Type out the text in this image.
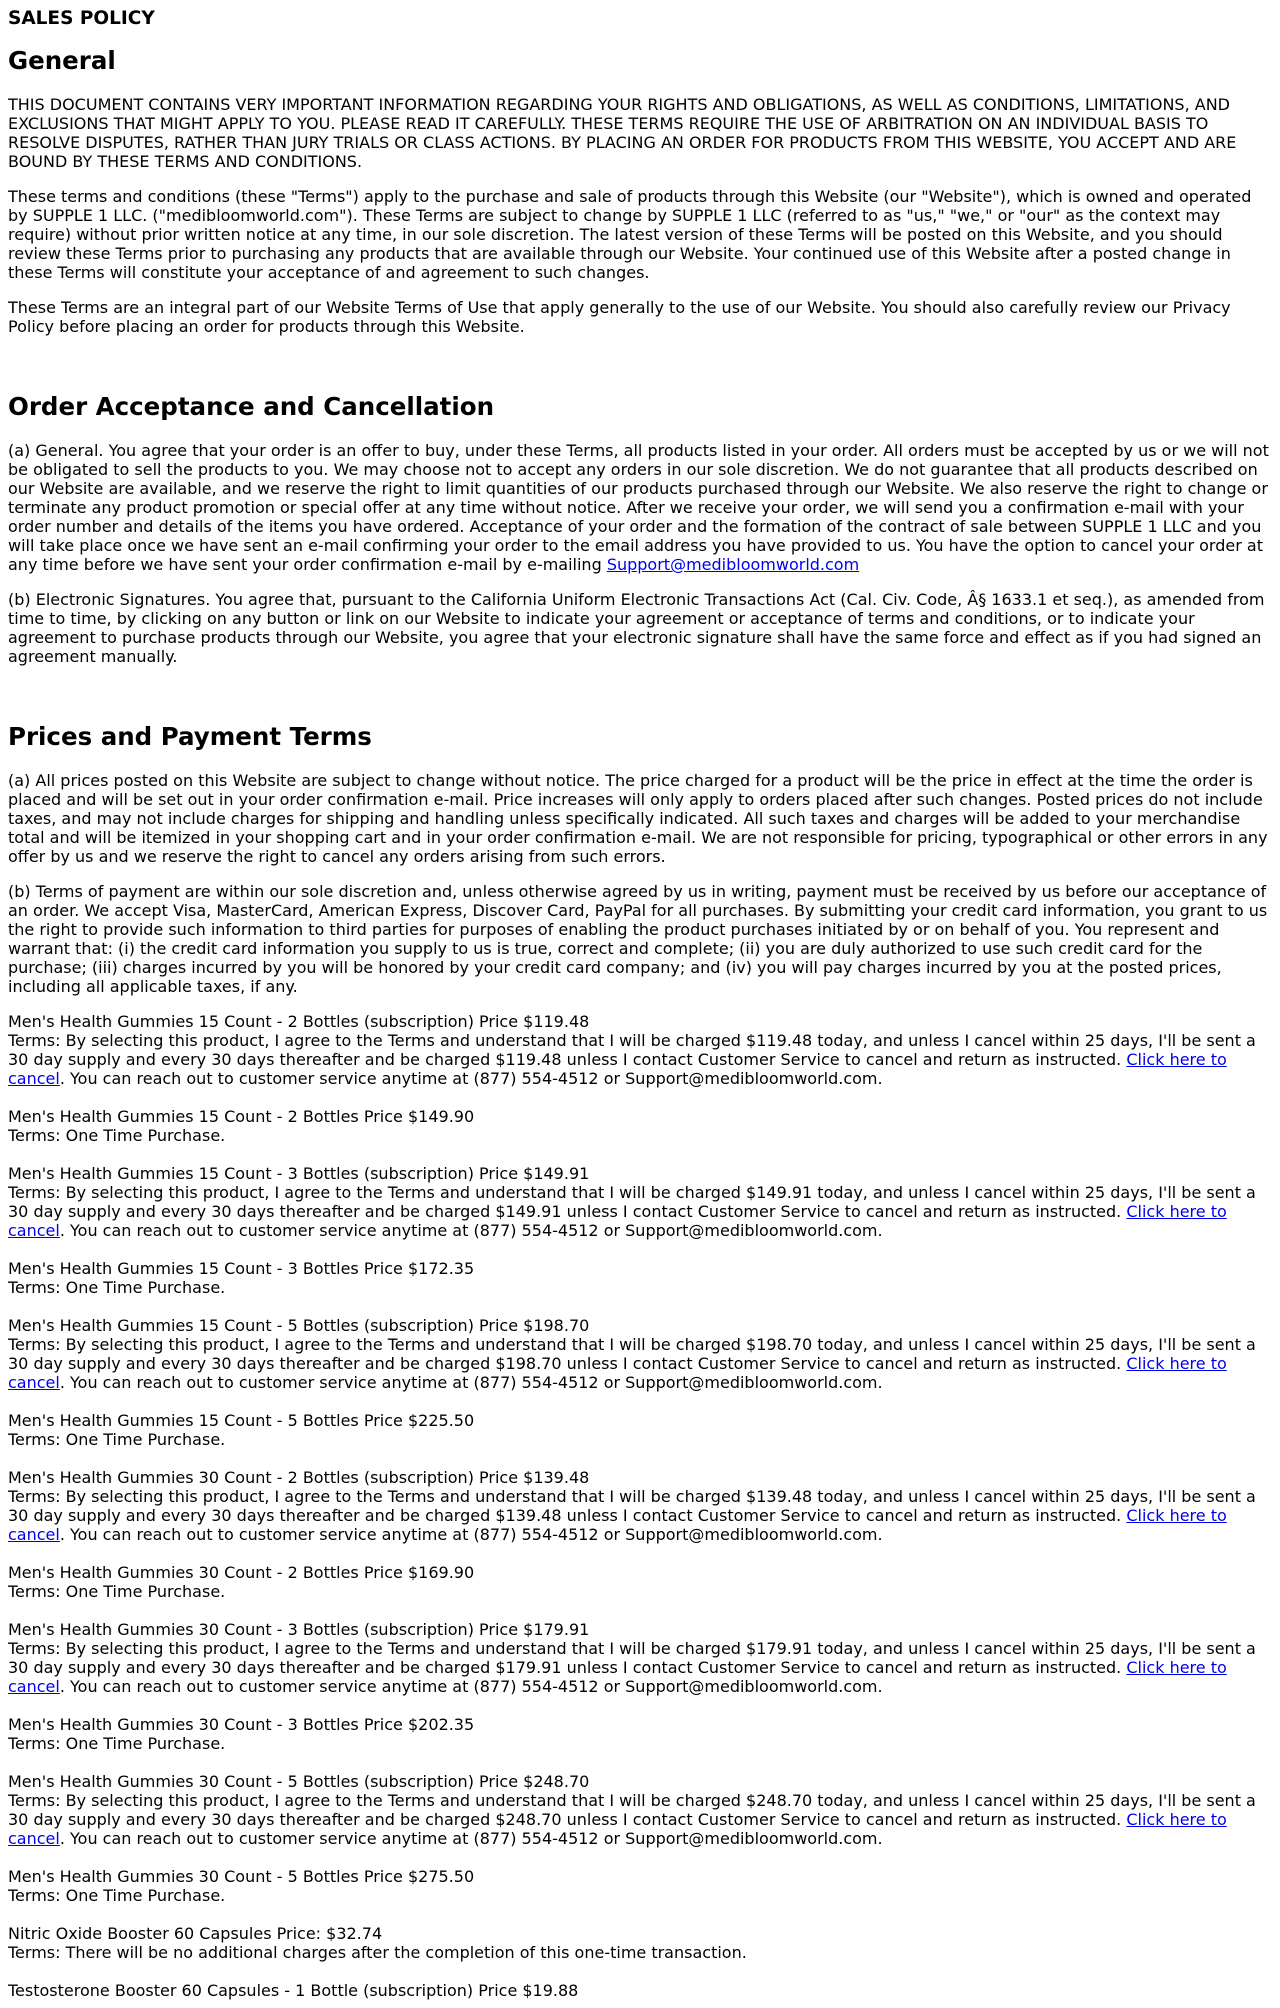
SALES POLICY
General

THIS DOCUMENT CONTAINS VERY IMPORTANT INFORMATION REGARDING YOUR RIGHTS AND OBLIGATIONS, AS WELL AS CONDITIONS, LIMITATIONS, AND EXCLUSIONS THAT MIGHT APPLY TO YOU. PLEASE READ IT CAREFULLY. THESE TERMS REQUIRE THE USE OF ARBITRATION ON AN INDIVIDUAL BASIS TO RESOLVE DISPUTES, RATHER THAN JURY TRIALS OR CLASS ACTIONS. BY PLACING AN ORDER FOR PRODUCTS FROM THIS WEBSITE, YOU ACCEPT AND ARE BOUND BY THESE TERMS AND CONDITIONS.

These terms and conditions (these "Terms") apply to the purchase and sale of products through this Website (our "Website"), which is owned and operated by SUPPLE 1 LLC. ("medibloomworld.com"). These Terms are subject to change by SUPPLE 1 LLC (referred to as "us," "we," or "our" as the context may require) without prior written notice at any time, in our sole discretion. The latest version of these Terms will be posted on this Website, and you should review these Terms prior to purchasing any products that are available through our Website. Your continued use of this Website after a posted change in these Terms will constitute your acceptance of and agreement to such changes.

These Terms are an integral part of our Website Terms of Use that apply generally to the use of our Website. You should also carefully review our Privacy Policy before placing an order for products through this Website.

Order Acceptance and Cancellation

(a) General. You agree that your order is an offer to buy, under these Terms, all products listed in your order. All orders must be accepted by us or we will not be obligated to sell the products to you. We may choose not to accept any orders in our sole discretion. We do not guarantee that all products described on our Website are available, and we reserve the right to limit quantities of our products purchased through our Website. We also reserve the right to change or terminate any product promotion or special offer at any time without notice. After we receive your order, we will send you a confirmation e-mail with your order number and details of the items you have ordered. Acceptance of your order and the formation of the contract of sale between SUPPLE 1 LLC and you will take place once we have sent an e-mail confirming your order to the email address you have provided to us. You have the option to cancel your order at any time before we have sent your order confirmation e-mail by e-mailing Support@medibloomworld.com

(b) Electronic Signatures. You agree that, pursuant to the California Uniform Electronic Transactions Act (Cal. Civ. Code, Â§ 1633.1 et seq.), as amended from time to time, by clicking on any button or link on our Website to indicate your agreement or acceptance of terms and conditions, or to indicate your agreement to purchase products through our Website, you agree that your electronic signature shall have the same force and effect as if you had signed an agreement manually.

Prices and Payment Terms

(a) All prices posted on this Website are subject to change without notice. The price charged for a product will be the price in effect at the time the order is placed and will be set out in your order confirmation e-mail. Price increases will only apply to orders placed after such changes. Posted prices do not include taxes, and may not include charges for shipping and handling unless specifically indicated. All such taxes and charges will be added to your merchandise total and will be itemized in your shopping cart and in your order confirmation e-mail. We are not responsible for pricing, typographical or other errors in any offer by us and we reserve the right to cancel any orders arising from such errors.

(b) Terms of payment are within our sole discretion and, unless otherwise agreed by us in writing, payment must be received by us before our acceptance of an order. We accept Visa, MasterCard, American Express, Discover Card, PayPal for all purchases. By submitting your credit card information, you grant to us the right to provide such information to third parties for purposes of enabling the product purchases initiated by or on behalf of you. You represent and warrant that: (i) the credit card information you supply to us is true, correct and complete; (ii) you are duly authorized to use such credit card for the purchase; (iii) charges incurred by you will be honored by your credit card company; and (iv) you will pay charges incurred by you at the posted prices, including all applicable taxes, if any.

Men's Health Gummies 15 Count - 2 Bottles (subscription) Price $119.48
Terms: By selecting this product, I agree to the Terms and understand that I will be charged $119.48 today, and unless I cancel within 25 days, I'll be sent a 30 day supply and every 30 days thereafter and be charged $119.48 unless I contact Customer Service to cancel and return as instructed. Click here to cancel. You can reach out to customer service anytime at (877) 554-4512 or Support@medibloomworld.com.
Men's Health Gummies 15 Count - 2 Bottles Price $149.90
Terms: One Time Purchase.
Men's Health Gummies 15 Count - 3 Bottles (subscription) Price $149.91
Terms: By selecting this product, I agree to the Terms and understand that I will be charged $149.91 today, and unless I cancel within 25 days, I'll be sent a 30 day supply and every 30 days thereafter and be charged $149.91 unless I contact Customer Service to cancel and return as instructed. Click here to cancel. You can reach out to customer service anytime at (877) 554-4512 or Support@medibloomworld.com.
Men's Health Gummies 15 Count - 3 Bottles Price $172.35
Terms: One Time Purchase.
Men's Health Gummies 15 Count - 5 Bottles (subscription) Price $198.70
Terms: By selecting this product, I agree to the Terms and understand that I will be charged $198.70 today, and unless I cancel within 25 days, I'll be sent a 30 day supply and every 30 days thereafter and be charged $198.70 unless I contact Customer Service to cancel and return as instructed. Click here to cancel. You can reach out to customer service anytime at (877) 554-4512 or Support@medibloomworld.com.
Men's Health Gummies 15 Count - 5 Bottles Price $225.50
Terms: One Time Purchase.
Men's Health Gummies 30 Count - 2 Bottles (subscription) Price $139.48
Terms: By selecting this product, I agree to the Terms and understand that I will be charged $139.48 today, and unless I cancel within 25 days, I'll be sent a 30 day supply and every 30 days thereafter and be charged $139.48 unless I contact Customer Service to cancel and return as instructed. Click here to cancel. You can reach out to customer service anytime at (877) 554-4512 or Support@medibloomworld.com.
Men's Health Gummies 30 Count - 2 Bottles Price $169.90
Terms: One Time Purchase.
Men's Health Gummies 30 Count - 3 Bottles (subscription) Price $179.91
Terms: By selecting this product, I agree to the Terms and understand that I will be charged $179.91 today, and unless I cancel within 25 days, I'll be sent a 30 day supply and every 30 days thereafter and be charged $179.91 unless I contact Customer Service to cancel and return as instructed. Click here to cancel. You can reach out to customer service anytime at (877) 554-4512 or Support@medibloomworld.com.
Men's Health Gummies 30 Count - 3 Bottles Price $202.35
Terms: One Time Purchase.
Men's Health Gummies 30 Count - 5 Bottles (subscription) Price $248.70
Terms: By selecting this product, I agree to the Terms and understand that I will be charged $248.70 today, and unless I cancel within 25 days, I'll be sent a 30 day supply and every 30 days thereafter and be charged $248.70 unless I contact Customer Service to cancel and return as instructed. Click here to cancel. You can reach out to customer service anytime at (877) 554-4512 or Support@medibloomworld.com.
Men's Health Gummies 30 Count - 5 Bottles Price $275.50
Terms: One Time Purchase.
Nitric Oxide Booster 60 Capsules Price: $32.74
Terms: There will be no additional charges after the completion of this one-time transaction.
Testosterone Booster 60 Capsules - 1 Bottle (subscription) Price $19.88
